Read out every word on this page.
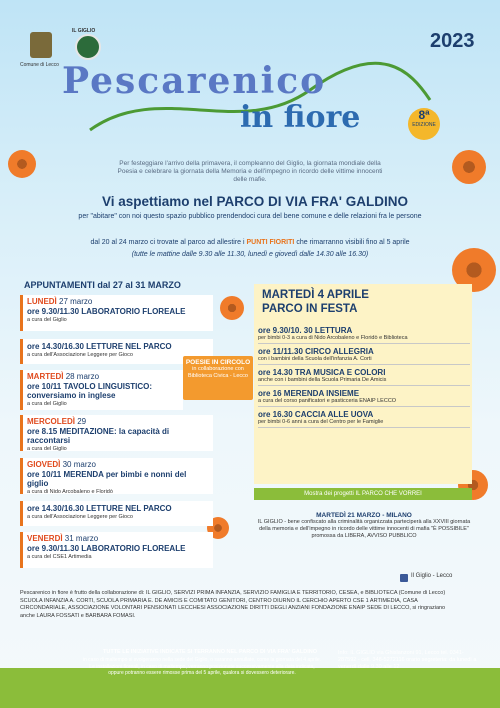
Comune di Lecco
IL GIGLIO	2023
Pescarenico
in fiore	8ª
EDIZIONE
Per festeggiare l'arrivo della primavera, il compleanno del Giglio, la giornata mondiale della Poesia e celebrare la giornata della Memoria e dell'impegno in ricordo delle vittime innocenti delle mafie.
Vi aspettiamo nel PARCO DI VIA FRA' GALDINO
per "abitare" con noi questo spazio pubblico prendendoci cura del bene comune e delle relazioni fra le persone
dal 20 al 24 marzo ci trovate al parco ad allestire i PUNTI FIORITI che rimarranno visibili fino al 5 aprile
(tutte le mattine dalle 9.30 alle 11.30, lunedì e giovedì dalle 14.30 alle 16.30)
APPUNTAMENTI dal 27 al 31 MARZO
LUNEDÌ 27 marzo
ore 9.30/11.30 LABORATORIO FLOREALE
a cura del Giglio
ore 14.30/16.30 LETTURE NEL PARCO
a cura dell'Associazione Leggere per Gioco
MARTEDÌ 28 marzo
ore 10/11 TAVOLO LINGUISTICO: conversiamo in inglese
a cura del Giglio
POESIE IN CIRCOLO
in collaborazione con Biblioteca Civica - Lecco
MERCOLEDÌ 29
ore 8.15 MEDITAZIONE: la capacità di raccontarsi
a cura del Giglio
GIOVEDÌ 30 marzo
ore 10/11 MERENDA per bimbi e nonni del giglio
a cura di Nido Arcobaleno e Floridò
ore 14.30/16.30 LETTURE NEL PARCO
a cura dell'Associazione Leggere per Gioco
VENERDÌ 31 marzo
ore 9.30/11.30 LABORATORIO FLOREALE
a cura del CSE1 Artimedia
MARTEDÌ 4 APRILE PARCO IN FESTA
ore 9.30/10. 30 LETTURA
per bimbi 0-3 a cura di Nido Arcobaleno e Floridò e Biblioteca
ore 11/11.30 CIRCO ALLEGRIA
con i bambini della Scuola dell'infanzia A. Corti
ore 14.30 TRA MUSICA E COLORI
anche con i bambini della Scuola Primaria De Amicis
ore 16 MERENDA INSIEME
a cura del corso panificatori e pasticceria ENAIP LECCO
ore 16.30 CACCIA ALLE UOVA
per bimbi 0-6 anni a cura del Centro per le Famiglie
Mostra dei progetti IL PARCO CHE VORREI
MARTEDÌ 21 MARZO - MILANO
IL GIGLIO - bene confiscato alla criminalità organizzata parteciperà alla XXVIII giornata della memoria e dell'impegno in ricordo delle vittime innocenti di mafia "È POSSIBILE" promossa da LIBERA, AVVISO PUBBLICO
Il Giglio - Lecco
Pescarenico in fiore è frutto della collaborazione di: IL GIGLIO, SERVIZI PRIMA INFANZIA, SERVIZIO FAMIGLIA E TERRITORIO, CESEA, e BIBLIOTECA (Comune di Lecco) SCUOLA INFANZIA A. CORTI, SCUOLA PRIMARIA E. DE AMICIS E COMITATO GENITORI, CENTRO DIURNO IL CERCHIO APERTO CSE 1 ARTIMEDIA, CASA CIRCONDARIALE, ASSOCIAZIONE VOLONTARI PENSIONATI LECCHESI ASSOCIAZIONE DIRITTI DEGLI ANZIANI FONDAZIONE ENAIP SEDE DI LECCO, si ringraziano anche LAURA FOSSATI e BARBARA FOMASI.
TUTTE LE INIZIATIVE INDICATE SI TERRANNO NEL PARCO DI VIA FRA' GALDINO
in caso di maltempo si svolgeranno nella sede del Giglio, o saranno annullate, come la giornata del 4 aprile. Le installazioni floreali, in caso di maltempo, verranno posizionate successivamente alla data indicata, oppure potranno essere rimosse prima del 5 aprile, qualora si dovessero deteriorare.
Info: IL GIGLIO via Ghislanzoni 91, Lecco tel. 0341-287592 - cell. 348-5272116 orario segreteria: da lunedì a venerdì dalle 9.30 alle 12
